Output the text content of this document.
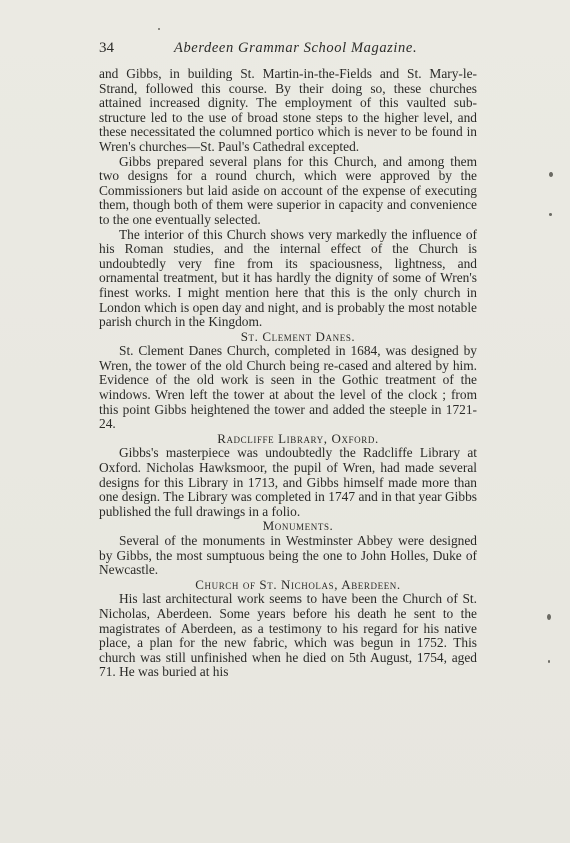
34	Aberdeen Grammar School Magazine.

and Gibbs, in building St. Martin-in-the-Fields and St. Mary-le-Strand, followed this course. By their doing so, these churches attained increased dignity. The employment of this vaulted sub-structure led to the use of broad stone steps to the higher level, and these necessitated the columned portico which is never to be found in Wren's churches—St. Paul's Cathedral excepted.

Gibbs prepared several plans for this Church, and among them two designs for a round church, which were approved by the Commissioners but laid aside on account of the expense of executing them, though both of them were superior in capacity and convenience to the one eventually selected.

The interior of this Church shows very markedly the influence of his Roman studies, and the internal effect of the Church is undoubtedly very fine from its spaciousness, lightness, and ornamental treatment, but it has hardly the dignity of some of Wren's finest works. I might mention here that this is the only church in London which is open day and night, and is probably the most notable parish church in the Kingdom.

St. Clement Danes.

St. Clement Danes Church, completed in 1684, was designed by Wren, the tower of the old Church being re-cased and altered by him. Evidence of the old work is seen in the Gothic treatment of the windows. Wren left the tower at about the level of the clock ; from this point Gibbs heightened the tower and added the steeple in 1721-24.

Radcliffe Library, Oxford.

Gibbs's masterpiece was undoubtedly the Radcliffe Library at Oxford. Nicholas Hawksmoor, the pupil of Wren, had made several designs for this Library in 1713, and Gibbs himself made more than one design. The Library was completed in 1747 and in that year Gibbs published the full drawings in a folio.

Monuments.

Several of the monuments in Westminster Abbey were designed by Gibbs, the most sumptuous being the one to John Holles, Duke of Newcastle.

Church of St. Nicholas, Aberdeen.

His last architectural work seems to have been the Church of St. Nicholas, Aberdeen. Some years before his death he sent to the magistrates of Aberdeen, as a testimony to his regard for his native place, a plan for the new fabric, which was begun in 1752. This church was still unfinished when he died on 5th August, 1754, aged 71. He was buried at his
